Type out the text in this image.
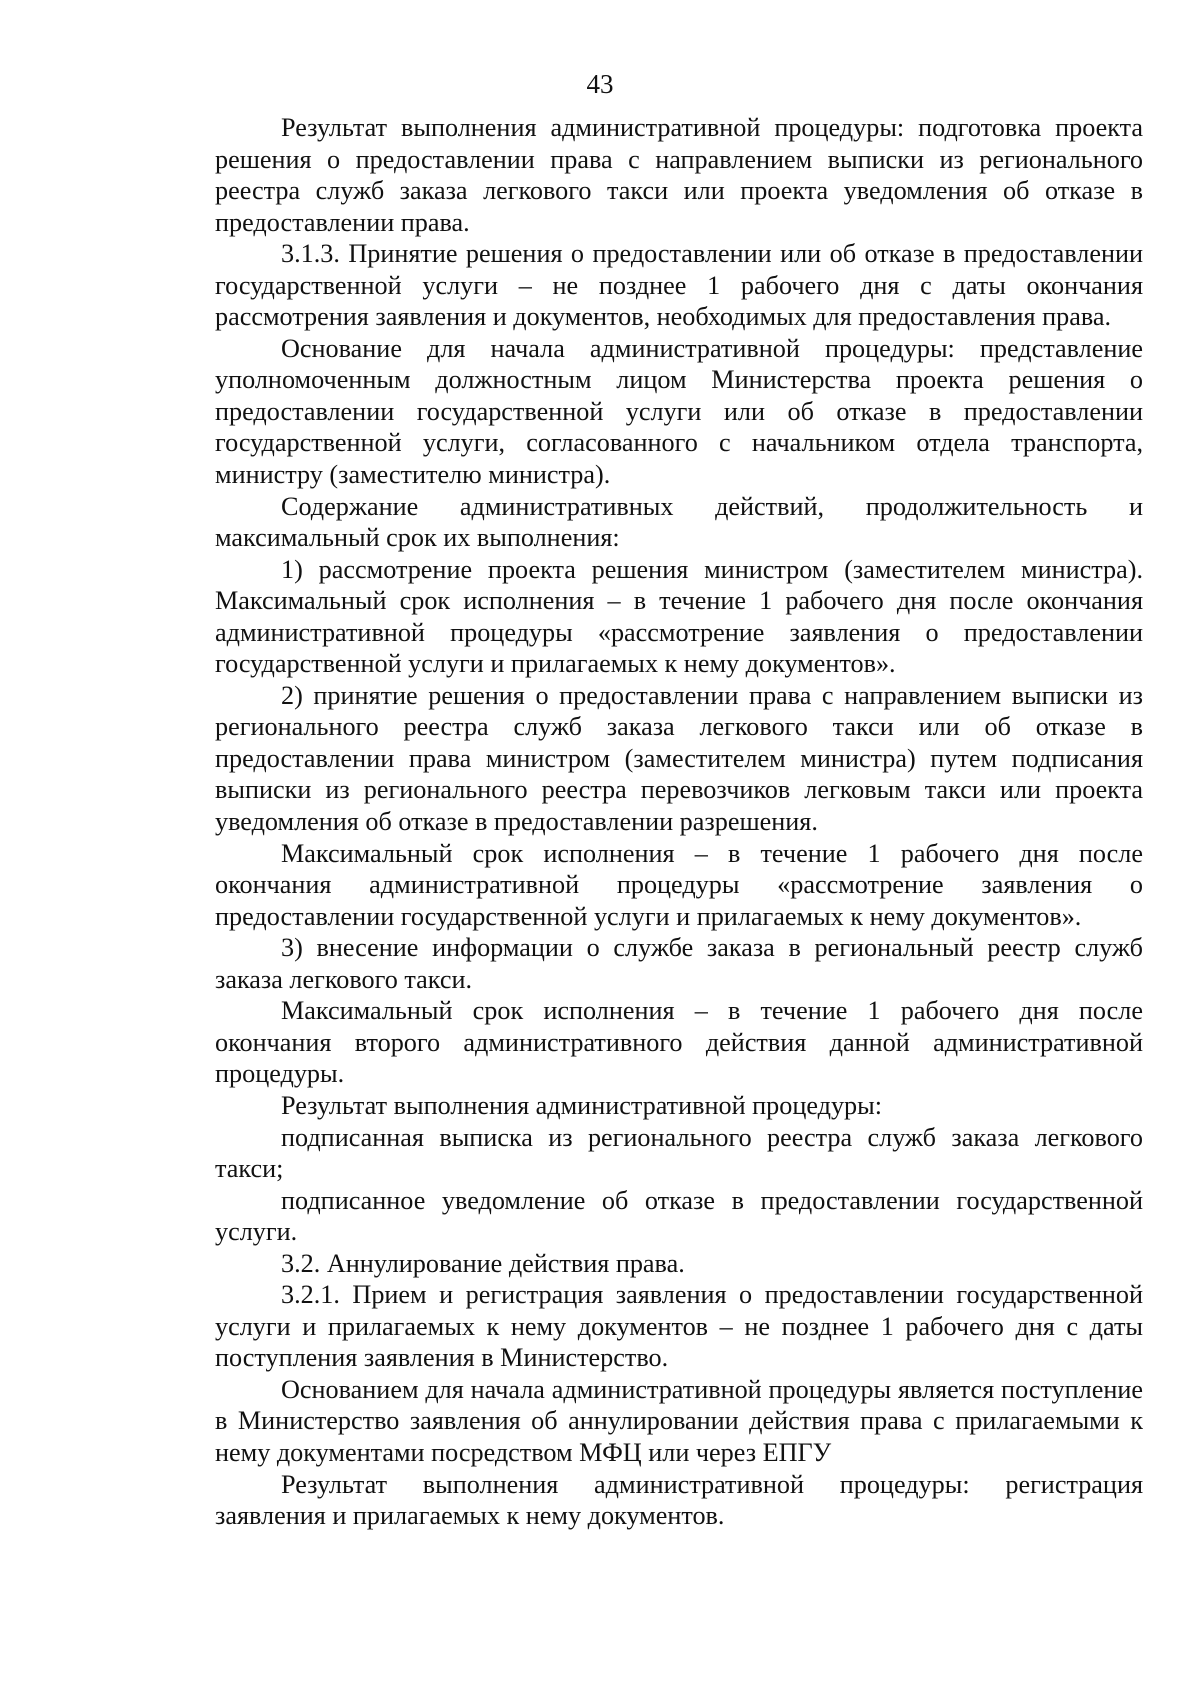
43

Результат выполнения административной процедуры: подготовка проекта решения о предоставлении права с направлением выписки из регионального реестра служб заказа легкового такси или проекта уведомления об отказе в предоставлении права.

3.1.3. Принятие решения о предоставлении или об отказе в предоставлении государственной услуги – не позднее 1 рабочего дня с даты окончания рассмотрения заявления и документов, необходимых для предоставления права.

Основание для начала административной процедуры: представление уполномоченным должностным лицом Министерства проекта решения о предоставлении государственной услуги или об отказе в предоставлении государственной услуги, согласованного с начальником отдела транспорта, министру (заместителю министра).

Содержание административных действий, продолжительность и максимальный срок их выполнения:

1) рассмотрение проекта решения министром (заместителем министра). Максимальный срок исполнения – в течение 1 рабочего дня после окончания административной процедуры «рассмотрение заявления о предоставлении государственной услуги и прилагаемых к нему документов».

2) принятие решения о предоставлении права с направлением выписки из регионального реестра служб заказа легкового такси или об отказе в предоставлении права министром (заместителем министра) путем подписания выписки из регионального реестра перевозчиков легковым такси или проекта уведомления об отказе в предоставлении разрешения.

Максимальный срок исполнения – в течение 1 рабочего дня после окончания административной процедуры «рассмотрение заявления о предоставлении государственной услуги и прилагаемых к нему документов».

3) внесение информации о службе заказа в региональный реестр служб заказа легкового такси.

Максимальный срок исполнения – в течение 1 рабочего дня после окончания второго административного действия данной административной процедуры.

Результат выполнения административной процедуры:

подписанная выписка из регионального реестра служб заказа легкового такси;

подписанное уведомление об отказе в предоставлении государственной услуги.

3.2. Аннулирование действия права.

3.2.1. Прием и регистрация заявления о предоставлении государственной услуги и прилагаемых к нему документов – не позднее 1 рабочего дня с даты поступления заявления в Министерство.

Основанием для начала административной процедуры является поступление в Министерство заявления об аннулировании действия права с прилагаемыми к нему документами посредством МФЦ или через ЕПГУ

Результат выполнения административной процедуры: регистрация заявления и прилагаемых к нему документов.
